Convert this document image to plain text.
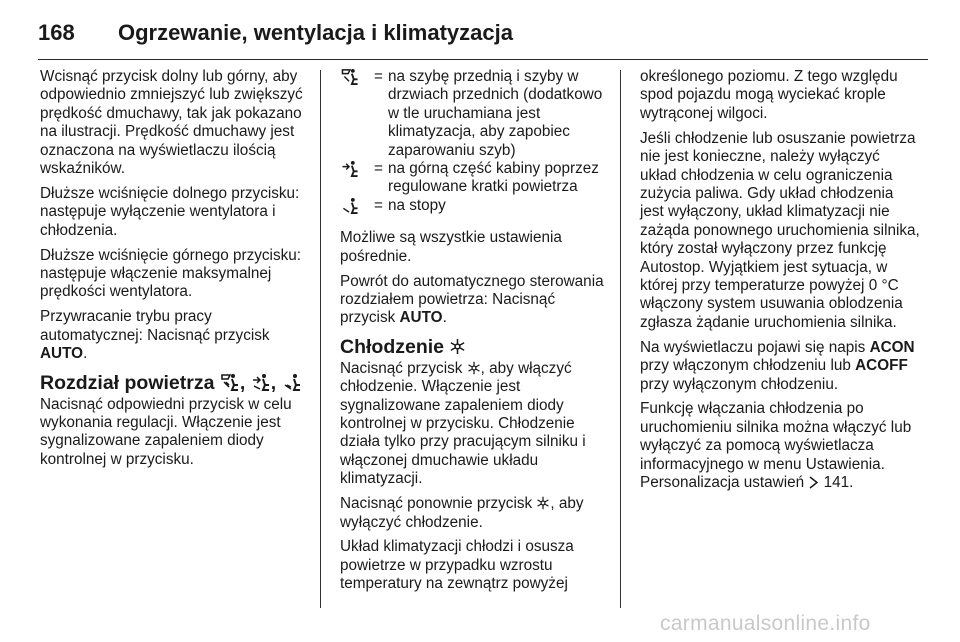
168 Ogrzewanie, wentylacja i klimatyzacja

Wcisnąć przycisk dolny lub górny, aby odpowiednio zmniejszyć lub zwiększyć prędkość dmuchawy, tak jak pokazano na ilustracji. Prędkość dmuchawy jest oznaczona na wyświetlaczu ilością wskaźników.

Dłuższe wciśnięcie dolnego przycisku: następuje wyłączenie wentylatora i chłodzenia.

Dłuższe wciśnięcie górnego przycisku: następuje włączenie maksymalnej prędkości wentylatora.

Przywracanie trybu pracy automatycznej: Nacisnąć przycisk AUTO.

Rozdział powietrza , ,

Nacisnąć odpowiedni przycisk w celu wykonania regulacji. Włączenie jest sygnalizowane zapaleniem diody kontrolnej w przycisku.

= na szybę przednią i szyby w drzwiach przednich (dodatkowo w tle uruchamiana jest klimatyzacja, aby zapobiec zaparowaniu szyb)
= na górną część kabiny poprzez regulowane kratki powietrza
= na stopy

Możliwe są wszystkie ustawienia pośrednie.

Powrót do automatycznego sterowania rozdziałem powietrza: Nacisnąć przycisk AUTO.

Chłodzenie

Nacisnąć przycisk , aby włączyć chłodzenie. Włączenie jest sygnalizowane zapaleniem diody kontrolnej w przycisku. Chłodzenie działa tylko przy pracującym silniku i włączonej dmuchawie układu klimatyzacji.

Nacisnąć ponownie przycisk , aby wyłączyć chłodzenie.

Układ klimatyzacji chłodzi i osusza powietrze w przypadku wzrostu temperatury na zewnątrz powyżej

określonego poziomu. Z tego względu spod pojazdu mogą wyciekać krople wytrąconej wilgoci.

Jeśli chłodzenie lub osuszanie powietrza nie jest konieczne, należy wyłączyć układ chłodzenia w celu ograniczenia zużycia paliwa. Gdy układ chłodzenia jest wyłączony, układ klimatyzacji nie zażąda ponownego uruchomienia silnika, który został wyłączony przez funkcję Autostop. Wyjątkiem jest sytuacja, w której przy temperaturze powyżej 0 °C włączony system usuwania oblodzenia zgłasza żądanie uruchomienia silnika.

Na wyświetlaczu pojawi się napis ACON przy włączonym chłodzeniu lub ACOFF przy wyłączonym chłodzeniu.

Funkcję włączania chłodzenia po uruchomieniu silnika można włączyć lub wyłączyć za pomocą wyświetlacza informacyjnego w menu Ustawienia. Personalizacja ustawień 141.

carmanualsonline.info
